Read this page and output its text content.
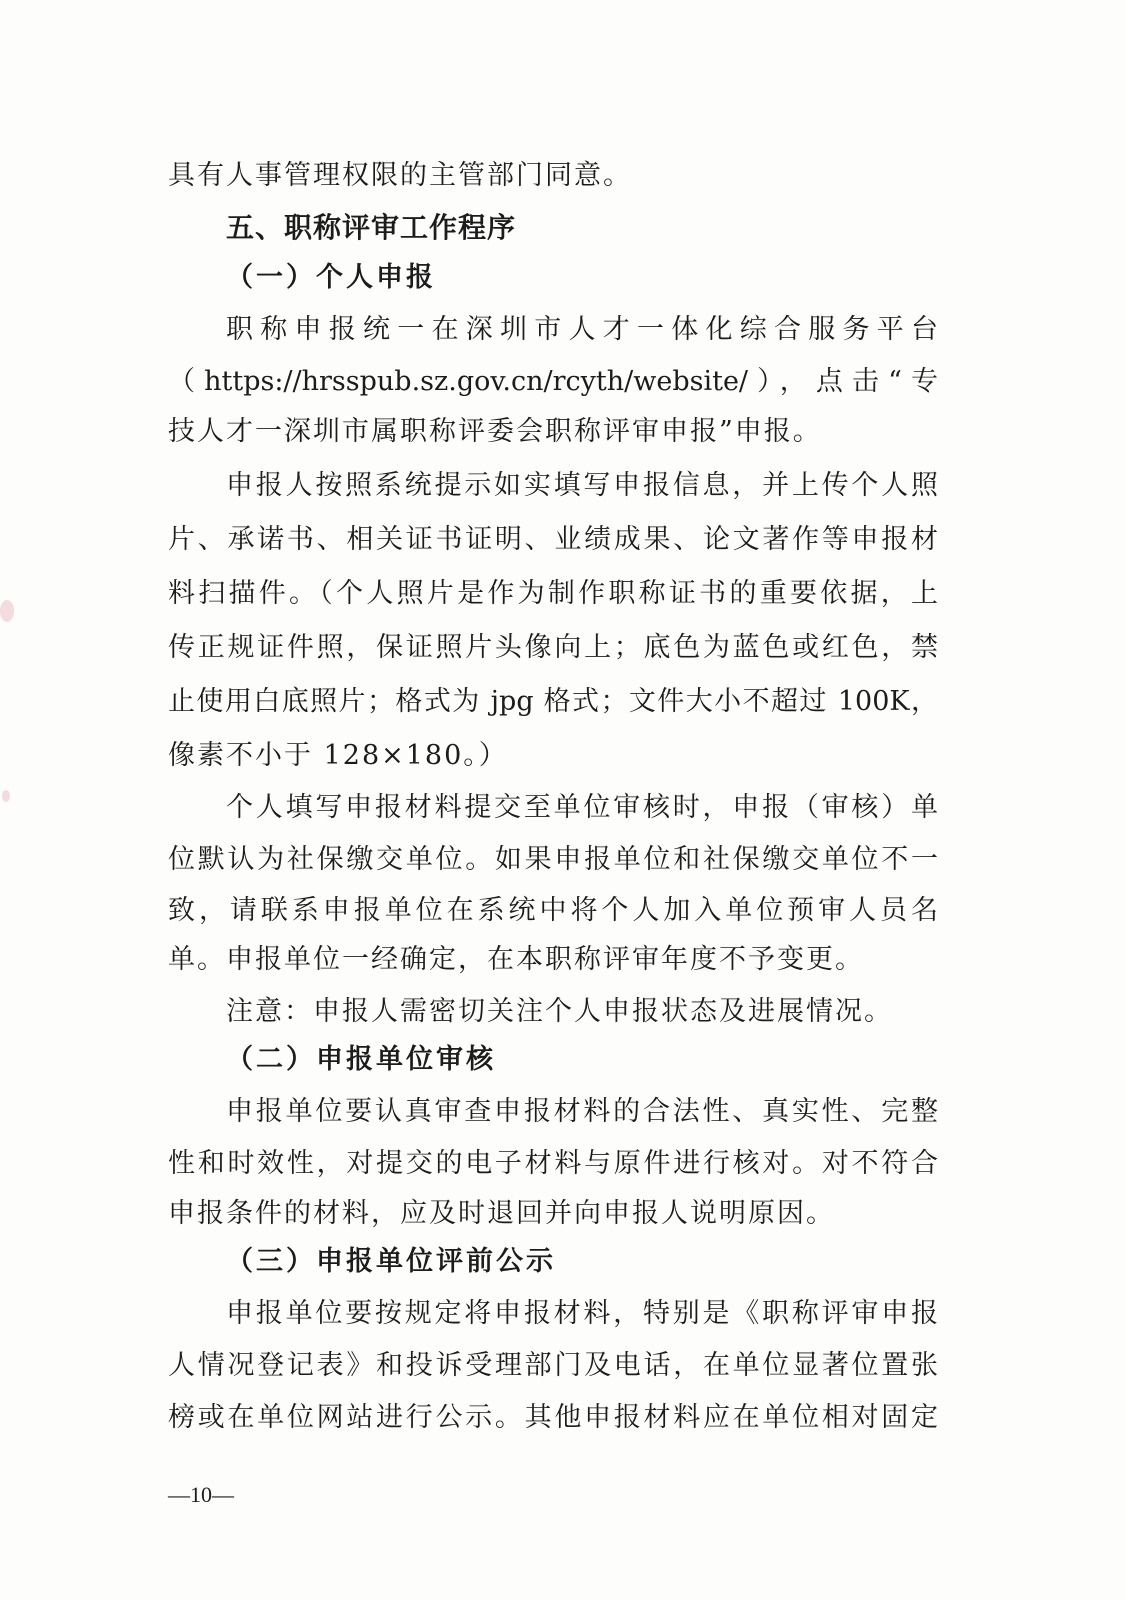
具有人事管理权限的主管部门同意。
五、职称评审工作程序
（一）个人申报
职称申报统一在深圳市人才一体化综合服务平台
（https://hrsspub.sz.gov.cn/rcyth/website/），点击“专
技人才一深圳市属职称评委会职称评审申报”申报。
申报人按照系统提示如实填写申报信息，并上传个人照
片、承诺书、相关证书证明、业绩成果、论文著作等申报材
料扫描件。（个人照片是作为制作职称证书的重要依据，上
传正规证件照，保证照片头像向上；底色为蓝色或红色，禁
止使用白底照片；格式为 jpg 格式；文件大小不超过 100K，
像素不小于 128×180。）
个人填写申报材料提交至单位审核时，申报（审核）单
位默认为社保缴交单位。如果申报单位和社保缴交单位不一
致，请联系申报单位在系统中将个人加入单位预审人员名
单。申报单位一经确定，在本职称评审年度不予变更。
注意：申报人需密切关注个人申报状态及进展情况。
（二）申报单位审核
申报单位要认真审查申报材料的合法性、真实性、完整
性和时效性，对提交的电子材料与原件进行核对。对不符合
申报条件的材料，应及时退回并向申报人说明原因。
（三）申报单位评前公示
申报单位要按规定将申报材料，特别是《职称评审申报
人情况登记表》和投诉受理部门及电话，在单位显著位置张
榜或在单位网站进行公示。其他申报材料应在单位相对固定
—10—
